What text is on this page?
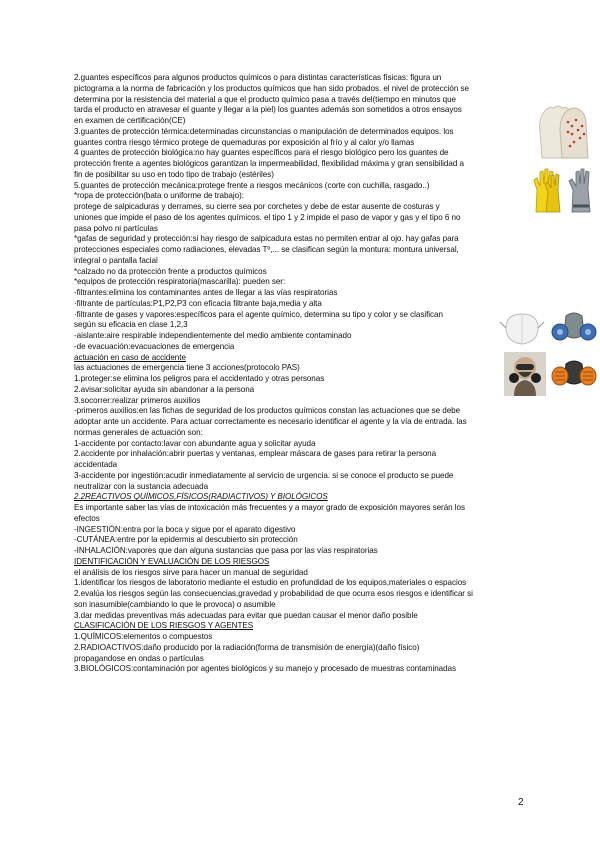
2.guantes específicos para algunos productos químicos o para distintas características físicas: figura un
pictograma a la norma de fabricación y los productos químicos que han sido probados. el nivel de protección se
determina por la resistencia del material a que el producto químico pasa a través del(tiempo en minutos que
tarda el producto en atravesar el guante y llegar a la piel) los guantes además son sometidos a otros ensayos
en examen de certificación(CE)
3.guantes de protección térmica:determinadas circunstancias o manipulación de determinados equipos. los
guantes contra riesgo térmico protege de quemaduras por exposición al frío y al calor y/o llamas
4 guantes de protección biológica:no hay guantes específicos para el riesgo biológico pero los guantes de
protección frente a agentes biológicos garantizan la impermeabilidad, flexibilidad máxima y gran sensibilidad a
fin de posibilitar su uso en todo tipo de trabajo (estériles)
5.guantes de protección mecánica:protege frente a riesgos mecánicos (corte con cuchilla, rasgado..)
*ropa de protección(bata o uniforme de trabajo):
protege de salpicaduras y derrames, su cierre sea por corchetes y debe de estar ausente de costuras y
uniones que impide el paso de los agentes químicos. el tipo 1 y 2 impide el paso de vapor y gas y el tipo 6 no
pasa polvo ni partículas
*gafas de seguridad y protección:si hay riesgo de salpicadura estas no permiten entrar al ojo. hay gafas para
protecciones especiales como radiaciones, elevadas Tº,... se clasifican según la montura: montura universal,
integral o pantalla facial
*calzado no da protección frente a productos químicos
*equipos de protección respiratoria(mascarilla): pueden ser:
-filtrantes:elimina los contaminantes antes de llegar a las vías respiratorias
·filtrante de partículas:P1,P2,P3 con eficacia filtrante baja,media y alta
·filtrante de gases y vapores:específicos para el agente químico, determina su tipo y color y se clasifican
según su eficacia en clase 1,2,3
-aislante:aire respirable independientemente del medio ambiente contaminado
-de evacuación:evacuaciones de emergencia
actuación en caso de accidente
las actuaciones de emergencia tiene 3 acciones(protocolo PAS)
1.proteger:se elimina los peligros para el accidentado y otras personas
2.avisar:solicitar ayuda sin abandonar a la persona
3.socorrer:realizar primeros auxilios
-primeros auxilios:en las fichas de seguridad de los productos químicos constan las actuaciones que se debe
adoptar ante un accidente. Para actuar correctamente es necesario identificar el agente y la vía de entrada. las
normas generales de actuación son:
1-accidente por contacto:lavar con abundante agua y solicitar ayuda
2.accidente por inhalación:abrir puertas y ventanas, emplear máscara de gases para retirar la persona
accidentada
3-accidente por ingestión:acudir inmediatamente al servicio de urgencia. si se conoce el producto se puede
neutralizar con la sustancia adecuada
2.2REACTIVOS QUÍMICOS,FÍSICOS(RADIACTIVOS) Y BIOLÓGICOS
Es importante saber las vías de intoxicación más frecuentes y a mayor grado de exposición mayores serán los
efectos
-INGESTIÓN:entra por la boca y sigue por el aparato digestivo
-CUTÁNEA:entre por la epidermis al descubierto sin protección
-INHALACIÓN:vapores que dan alguna sustancias que pasa por las vías respiratorias
IDENTIFICACIÓN Y EVALUACIÓN DE LOS RIESGOS
el análisis de los riesgos sirve para hacer un manual de seguridad
1.identificar los riesgos de laboratorio mediante el estudio en profundidad de los equipos,materiales o espacios
2.evalúa los riesgos según las consecuencias,gravedad y probabilidad de que ocurra esos riesgos e identificar si
son inasumible(cambiando lo que le provoca) o asumible
3.dar medidas preventivas más adecuadas para evitar que puedan causar el menor daño posible
CLASIFICACIÓN DE LOS RIESGOS Y AGENTES
1.QUÍMICOS:elementos o compuestos
2.RADIOACTIVOS:daño producido por la radiación(forma de transmisión de energía)(daño físico)
propagandose en ondas o partículas
3.BIOLÓGICOS:contaminación por agentes biológicos y su manejo y procesado de muestras contaminadas
2
